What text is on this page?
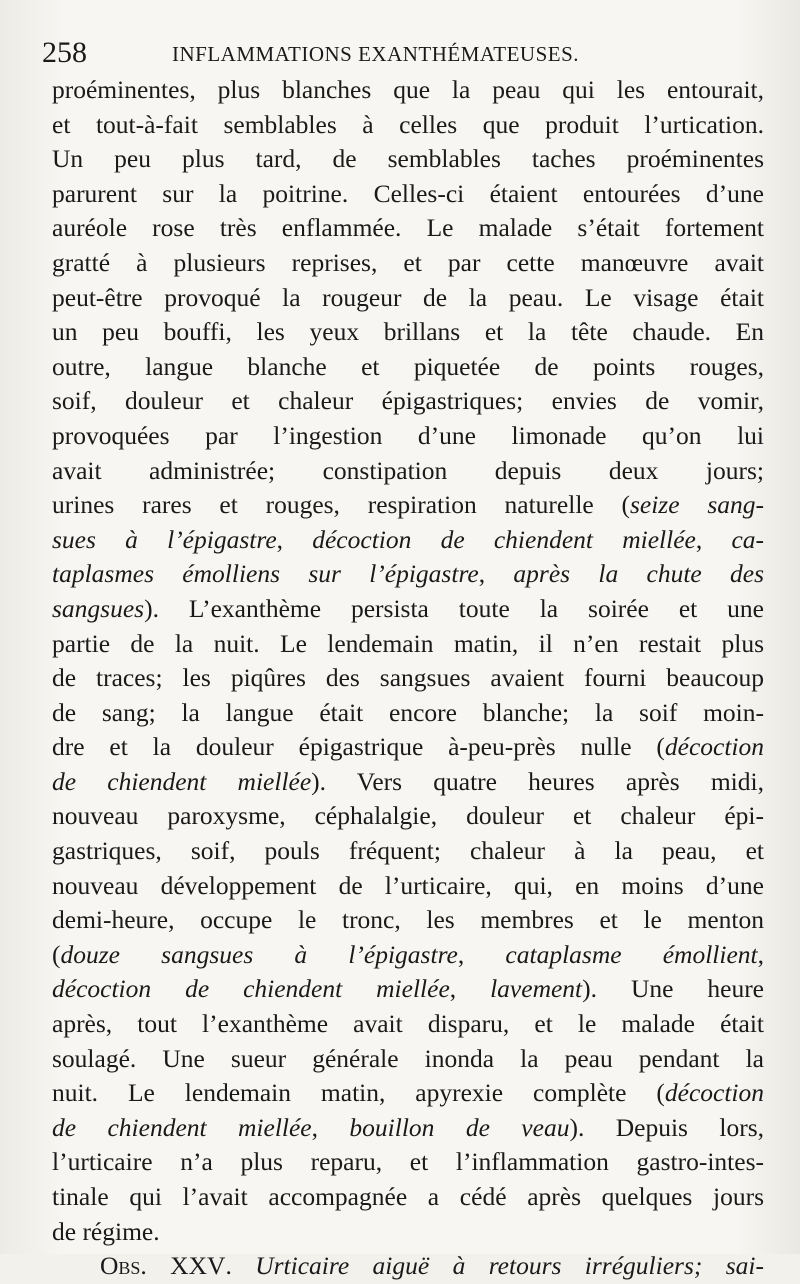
258	INFLAMMATIONS EXANTHÉMATEUSES.
proéminentes, plus blanches que la peau qui les entourait,
et tout-à-fait semblables à celles que produit l’urtication.
Un peu plus tard, de semblables taches proéminentes
parurent sur la poitrine. Celles-ci étaient entourées d’une
auréole rose très enflammée. Le malade s’était fortement
gratté à plusieurs reprises, et par cette manœuvre avait
peut-être provoqué la rougeur de la peau. Le visage était
un peu bouffi, les yeux brillans et la tête chaude. En
outre, langue blanche et piquetée de points rouges,
soif, douleur et chaleur épigastriques; envies de vomir,
provoquées par l’ingestion d’une limonade qu’on lui
avait administrée; constipation depuis deux jours;
urines rares et rouges, respiration naturelle (seize sang-
sues à l’épigastre, décoction de chiendent miellée, ca-
taplasmes émolliens sur l’épigastre, après la chute des
sangsues). L’exanthème persista toute la soirée et une
partie de la nuit. Le lendemain matin, il n’en restait plus
de traces; les piqûres des sangsues avaient fourni beaucoup
de sang; la langue était encore blanche; la soif moin-
dre et la douleur épigastrique à-peu-près nulle (décoction
de chiendent miellée). Vers quatre heures après midi,
nouveau paroxysme, céphalalgie, douleur et chaleur épi-
gastriques, soif, pouls fréquent; chaleur à la peau, et
nouveau développement de l’urticaire, qui, en moins d’une
demi-heure, occupe le tronc, les membres et le menton
(douze sangsues à l’épigastre, cataplasme émollient,
décoction de chiendent miellée, lavement). Une heure
après, tout l’exanthème avait disparu, et le malade était
soulagé. Une sueur générale inonda la peau pendant la
nuit. Le lendemain matin, apyrexie complète (décoction
de chiendent miellée, bouillon de veau). Depuis lors,
l’urticaire n’a plus reparu, et l’inflammation gastro-intes-
tinale qui l’avait accompagnée a cédé après quelques jours
de régime.
Obs. XXV. Urticaire aiguë à retours irréguliers; sai-
